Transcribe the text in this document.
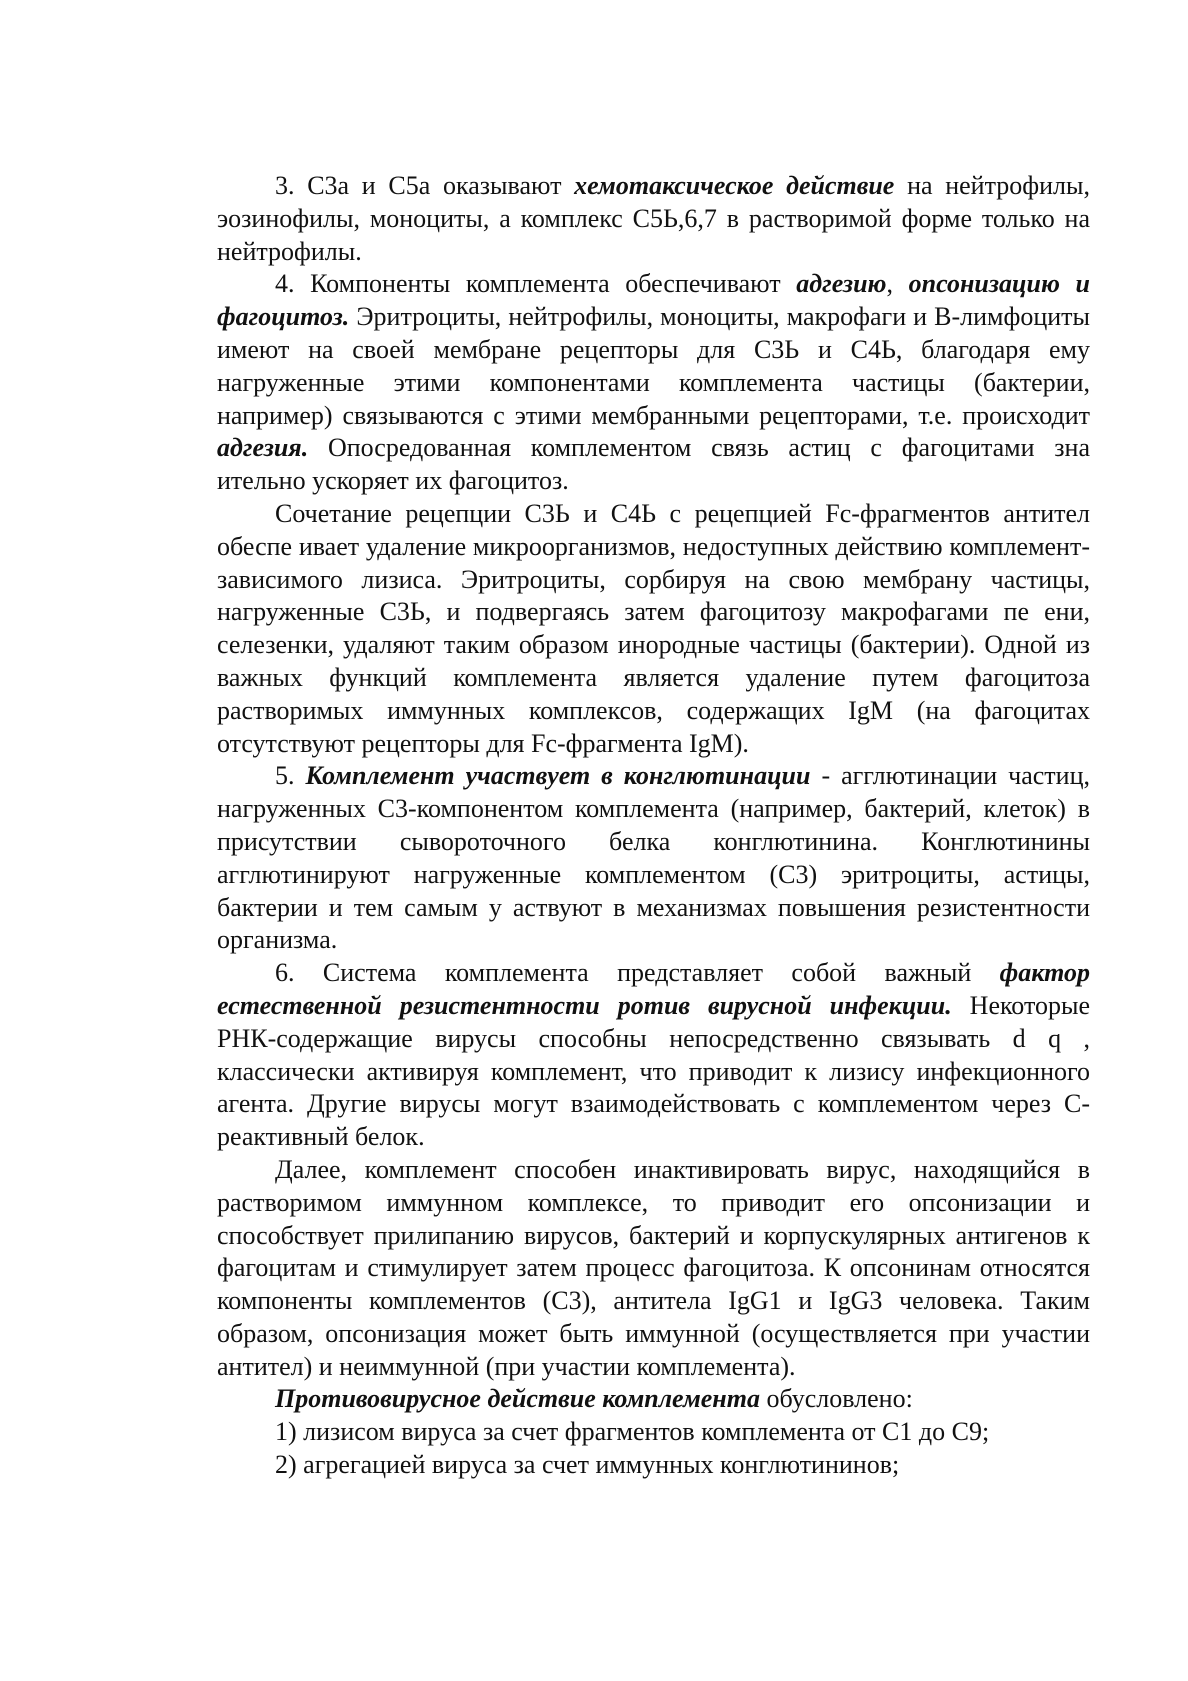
3. С3а и С5а оказывают хемотаксическое действие на нейтрофилы, эозинофилы, моноциты, а комплекс С5Ь,6,7 в растворимой форме только на нейтрофилы.

4. Компоненты комплемента обеспечивают адгезию, опсонизацию и фагоцитоз. Эритроциты, нейтрофилы, моноциты, макрофаги и В-лимфоциты имеют на своей мембране рецепторы для С3Ь и С4Ь, благодаря ему нагруженные этими компонентами комплемента частицы (бактерии, например) связываются с этими мембранными рецепторами, т.е. происходит адгезия. Опосредованная комплементом связь астиц с фагоцитами зна ительно ускоряет их фагоцитоз.

Сочетание рецепции С3Ь и С4Ь с рецепцией Fc-фрагментов антител обеспе ивает удаление микроорганизмов, недоступных действию комплемент-зависимого лизиса. Эритроциты, сорбируя на свою мембрану частицы, нагруженные С3Ь, и подвергаясь затем фагоцитозу макрофагами пе ени, селезенки, удаляют таким образом инородные частицы (бактерии). Одной из важных функций комплемента является удаление путем фагоцитоза растворимых иммунных комплексов, содержащих IgM (на фагоцитах отсутствуют рецепторы для Fc-фрагмента IgM).

5. Комплемент участвует в конглютинации - агглютинации частиц, нагруженных С3-компонентом комплемента (например, бактерий, клеток) в присутствии сывороточного белка конглютинина. Конглютинины агглютинируют нагруженные комплементом (С3) эритроциты, астицы, бактерии и тем самым у аствуют в механизмах повышения резистентности организма.

6. Система комплемента представляет собой важный фактор естественной резистентности ротив вирусной инфекции. Некоторые РНК-содержащие вирусы способны непосредственно связывать d q , классически активируя комплемент, что приводит к лизису инфекционного агента. Другие вирусы могут взаимодействовать с комплементом через С-реактивный белок.

Далее, комплемент способен инактивировать вирус, находящийся в растворимом иммунном комплексе, то приводит его опсонизации и способствует прилипанию вирусов, бактерий и корпускулярных антигенов к фагоцитам и стимулирует затем процесс фагоцитоза. К опсонинам относятся компоненты комплементов (С3), антитела IgG1 и IgG3 человека. Таким образом, опсонизация может быть иммунной (осуществляется при участии антител) и неиммунной (при участии комплемента).

Противовирусное действие комплемента обусловлено:

1) лизисом вируса за счет фрагментов комплемента от С1 до С9;
2) агрегацией вируса за счет иммунных конглютининов;
